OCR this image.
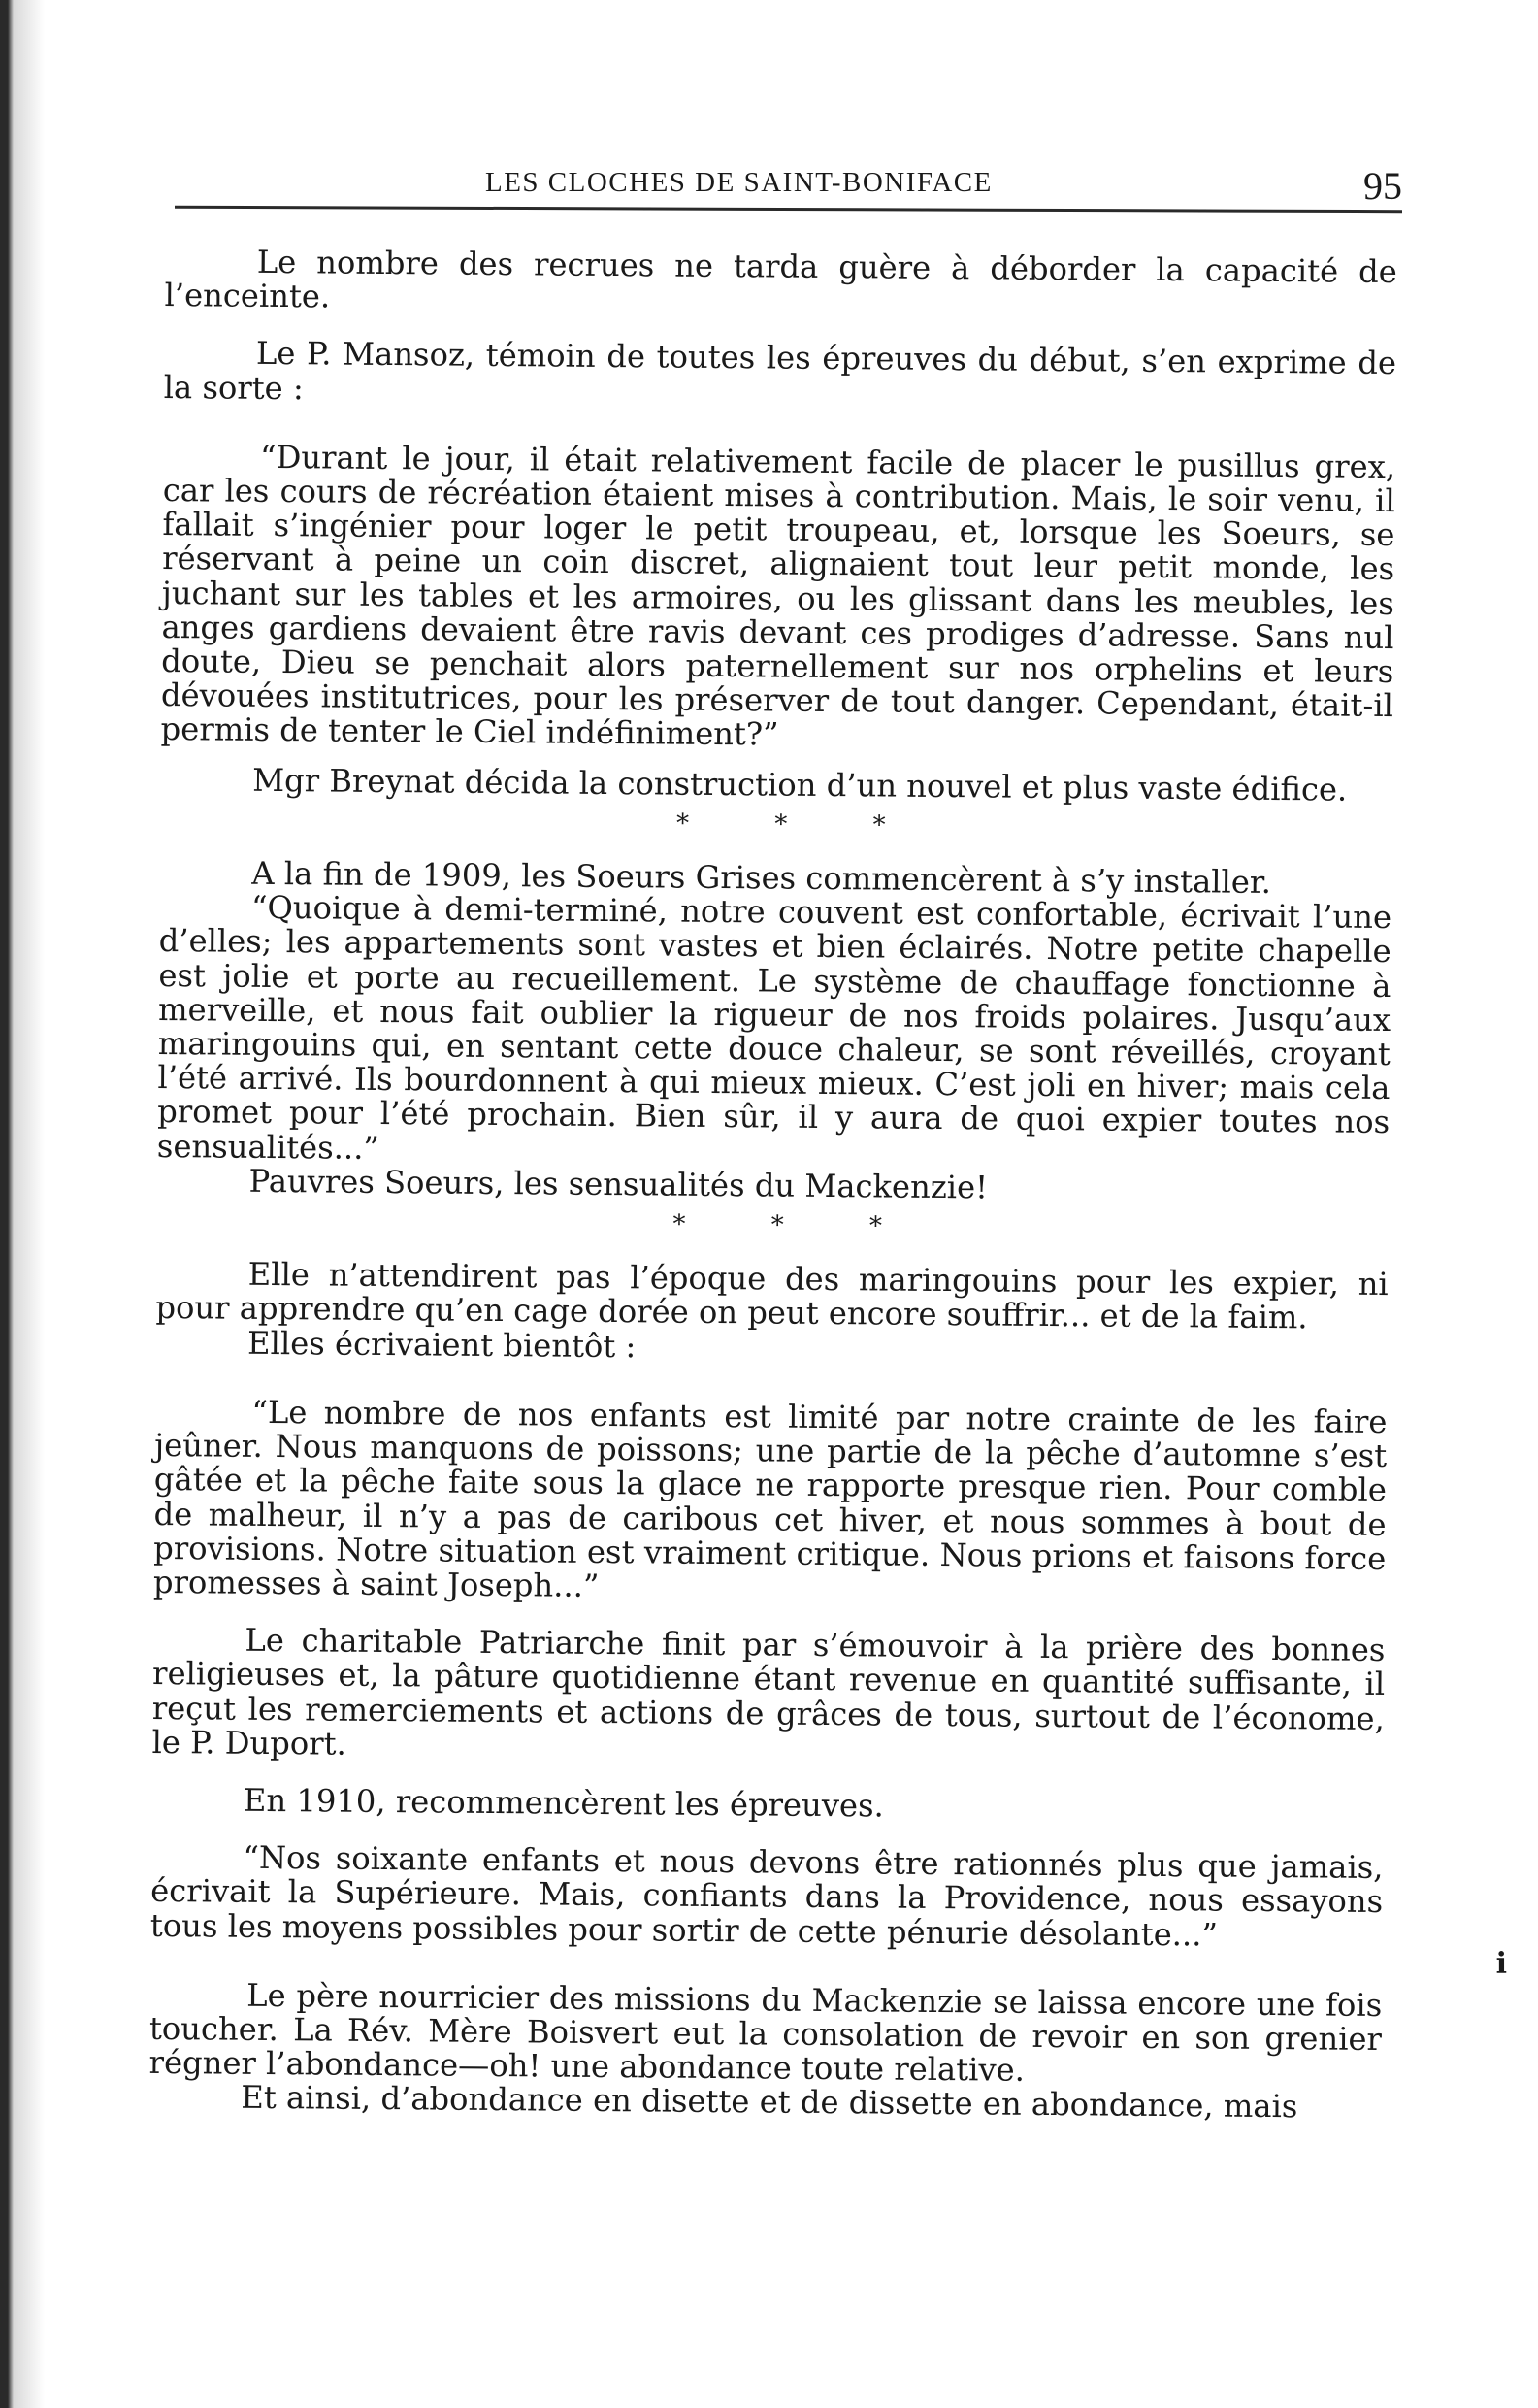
LES CLOCHES DE SAINT-BONIFACE	95

Le nombre des recrues ne tarda guère à déborder la capacité de l’enceinte.

Le P. Mansoz, témoin de toutes les épreuves du début, s’en exprime de la sorte :

“Durant le jour, il était relativement facile de placer le pusillus grex, car les cours de récréation étaient mises à contribution. Mais, le soir venu, il fallait s’ingénier pour loger le petit troupeau, et, lorsque les Soeurs, se réservant à peine un coin discret, alignaient tout leur petit monde, les juchant sur les tables et les armoires, ou les glissant dans les meubles, les anges gardiens devaient être ravis devant ces prodiges d’adresse. Sans nul doute, Dieu se penchait alors paternellement sur nos orphelins et leurs dévouées institutrices, pour les préserver de tout danger. Cependant, était-il permis de tenter le Ciel indéfiniment?”

Mgr Breynat décida la construction d’un nouvel et plus vaste édifice.

* * *

A la fin de 1909, les Soeurs Grises commencèrent à s’y installer.

“Quoique à demi-terminé, notre couvent est confortable, écrivait l’une d’elles; les appartements sont vastes et bien éclairés. Notre petite chapelle est jolie et porte au recueillement. Le système de chauffage fonctionne à merveille, et nous fait oublier la rigueur de nos froids polaires. Jusqu’aux maringouins qui, en sentant cette douce chaleur, se sont réveillés, croyant l’été arrivé. Ils bourdonnent à qui mieux mieux. C’est joli en hiver; mais cela promet pour l’été prochain. Bien sûr, il y aura de quoi expier toutes nos sensualités...”

Pauvres Soeurs, les sensualités du Mackenzie!

* * *

Elle n’attendirent pas l’époque des maringouins pour les expier, ni pour apprendre qu’en cage dorée on peut encore souffrir... et de la faim.

Elles écrivaient bientôt :

“Le nombre de nos enfants est limité par notre crainte de les faire jeûner. Nous manquons de poissons; une partie de la pêche d’automne s’est gâtée et la pêche faite sous la glace ne rapporte presque rien. Pour comble de malheur, il n’y a pas de caribous cet hiver, et nous sommes à bout de provisions. Notre situation est vraiment critique. Nous prions et faisons force promesses à saint Joseph...”

Le charitable Patriarche finit par s’émouvoir à la prière des bonnes religieuses et, la pâture quotidienne étant revenue en quantité suffisante, il reçut les remerciements et actions de grâces de tous, surtout de l’économe, le P. Duport.

En 1910, recommencèrent les épreuves.

“Nos soixante enfants et nous devons être rationnés plus que jamais, écrivait la Supérieure. Mais, confiants dans la Providence, nous essayons tous les moyens possibles pour sortir de cette pénurie désolante...”

Le père nourricier des missions du Mackenzie se laissa encore une fois toucher. La Rév. Mère Boisvert eut la consolation de revoir en son grenier régner l’abondance—oh! une abondance toute relative.

Et ainsi, d’abondance en disette et de dissette en abondance, mais

i
